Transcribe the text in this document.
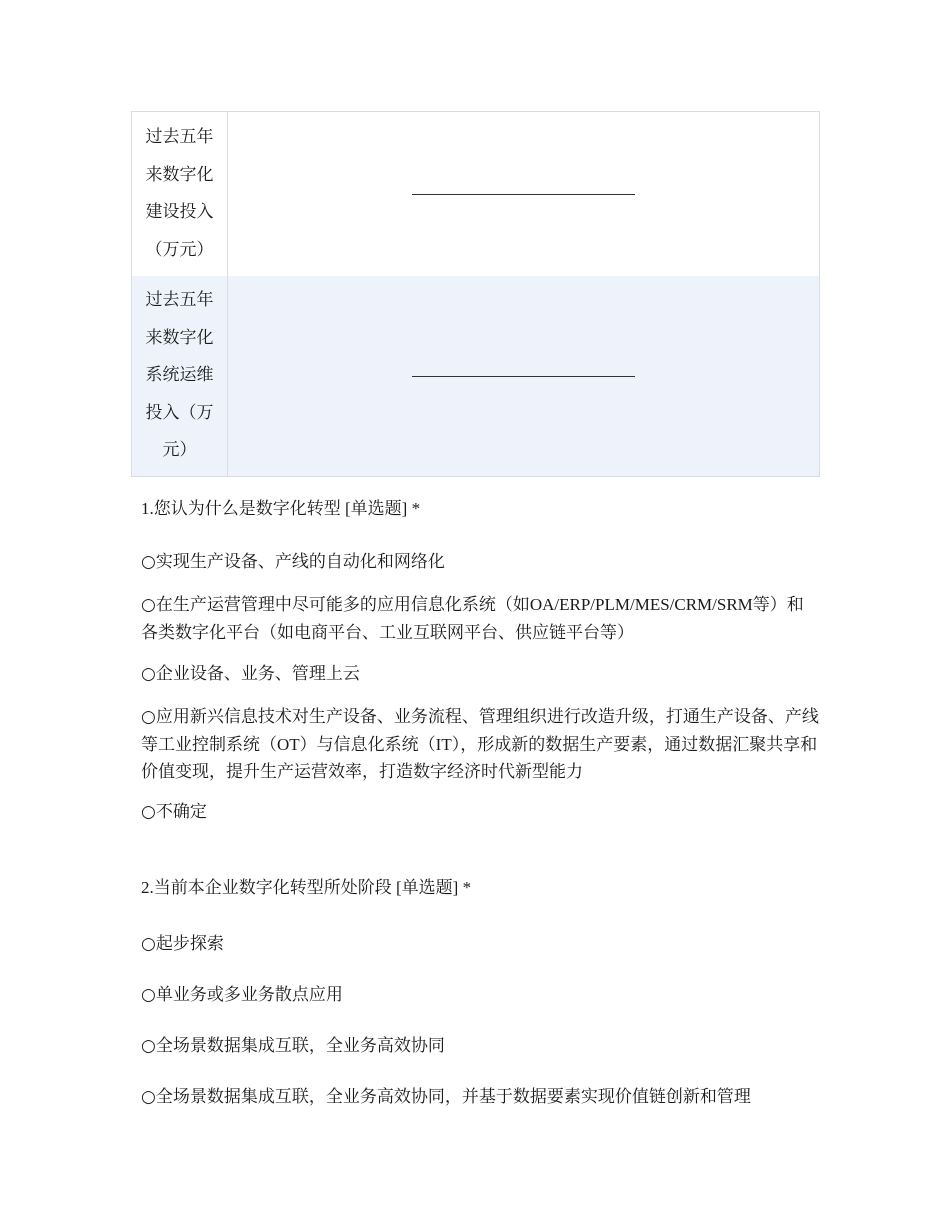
过去五年
来数字化
建设投入
（万元）	

过去五年
来数字化
系统运维
投入（万
元）	

1.您认为什么是数字化转型 [单选题] *
○实现生产设备、产线的自动化和网络化
○在生产运营管理中尽可能多的应用信息化系统（如OA/ERP/PLM/MES/CRM/SRM等）和各类数字化平台（如电商平台、工业互联网平台、供应链平台等）
○企业设备、业务、管理上云
○应用新兴信息技术对生产设备、业务流程、管理组织进行改造升级，打通生产设备、产线等工业控制系统（OT）与信息化系统（IT），形成新的数据生产要素，通过数据汇聚共享和价值变现，提升生产运营效率，打造数字经济时代新型能力
○不确定
2.当前本企业数字化转型所处阶段 [单选题] *
○起步探索
○单业务或多业务散点应用
○全场景数据集成互联，全业务高效协同
○全场景数据集成互联，全业务高效协同，并基于数据要素实现价值链创新和管理
